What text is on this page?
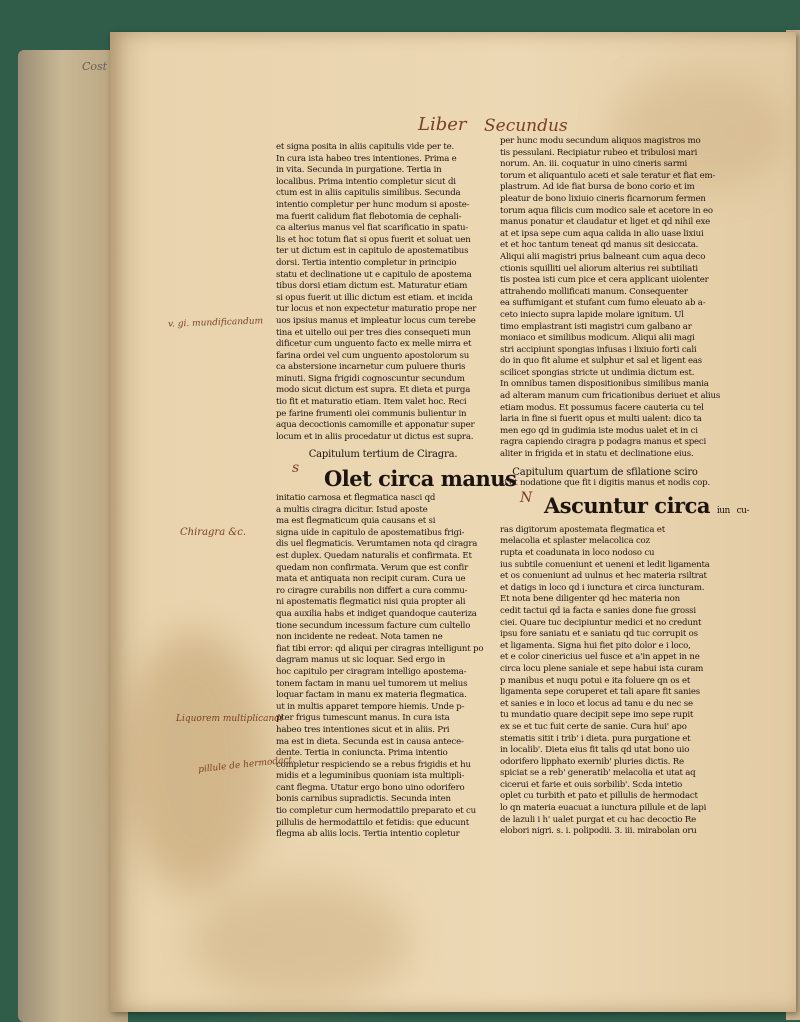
Cost
Liber Secundus
v. gi. mundificandum
Chiragra &c.
Liquorem multiplicandi
pillule de hermodact.
s
N

et signa posita in aliis capitulis vide per te.

In cura ista habeo tres intentiones. Prima e

in vita. Secunda in purgatione. Tertia in

localibus. Prima intentio completur sicut di

ctum est in aliis capitulis similibus. Secunda

intentio completur per hunc modum si aposte-

ma fuerit calidum fiat flebotomia de cephali-

ca alterius manus vel fiat scarificatio in spatu-

lis et hoc totum fiat si opus fuerit et soluat uen

ter ut dictum est in capitulo de apostematibus

dorsi. Tertia intentio completur in principio

statu et declinatione ut e capitulo de apostema

tibus dorsi etiam dictum est. Maturatur etiam

si opus fuerit ut illic dictum est etiam. et incida

tur locus et non expectetur maturatio prope ner

uos ipsius manus et impleatur locus cum terebe

tina et uitello oui per tres dies consequeti mun

dificetur cum unguento facto ex melle mirra et

farina ordei vel cum unguento apostolorum su

ca abstersione incarnetur cum puluere thuris

minuti. Signa frigidi cognoscuntur secundum

modo sicut dictum est supra. Et dieta et purga

tio fit et maturatio etiam. Item valet hoc. Reci

pe farine frumenti olei communis bulientur in

aqua decoctionis camomille et apponatur super

locum et in aliis procedatur ut dictus est supra.

Capitulum tertium de Ciragra.

Olet circa manus

initatio carnosa et flegmatica nasci qd

a multis ciragra dicitur. Istud aposte

ma est flegmaticum quia causans et si

signa uide in capitulo de apostematibus frigi-

dis uel flegmaticis. Verumtamen nota qd ciragra

est duplex. Quedam naturalis et confirmata. Et

quedam non confirmata. Verum que est confir

mata et antiquata non recipit curam. Cura ue

ro ciragre curabilis non differt a cura commu-

ni apostematis flegmatici nisi quia propter ali

qua auxilia habs et indiget quandoque cauteriza

tione secundum incessum facture cum cultello

non incidente ne redeat. Nota tamen ne

fiat tibi error: qd aliqui per ciragras intelligunt po

dagram manus ut sic loquar. Sed ergo in

hoc capitulo per ciragram intelligo apostema-

tonem factam in manu uel tumorem ut melius

loquar factam in manu ex materia flegmatica.

ut in multis apparet tempore hiemis. Unde p-

pter frigus tumescunt manus. In cura ista

habeo tres intentiones sicut et in aliis. Pri

ma est in dieta. Secunda est in causa antece-

dente. Tertia in coniuncta. Prima intentio

completur respiciendo se a rebus frigidis et hu

midis et a leguminibus quoniam ista multipli-

cant flegma. Utatur ergo bono uino odorifero

bonis carnibus supradictis. Secunda inten

tio completur cum hermodattilo preparato et cu

pillulis de hermodattilo et fetidis: que educunt

flegma ab aliis locis. Tertia intentio copletur

per hunc modu secundum aliquos magistros mo

tis pessulani. Recipiatur rubeo et tribulosi mari

norum. An. iii. coquatur in uino cineris sarmi

torum et aliquantulo aceti et sale teratur et fiat em-

plastrum. Ad ide fiat bursa de bono corio et im

pleatur de bono lixiuio cineris ficarnorum fermen

torum aqua filicis cum modico sale et acetore in eo

manus ponatur et claudatur et liget et qd nihil exe

at et ipsa sepe cum aqua calida in alio uase lixiui

et et hoc tantum teneat qd manus sit desiccata.

Aliqui alii magistri prius balneant cum aqua deco

ctionis squilliti uel aliorum alterius rei subtiliati

tis postea isti cum pice et cera applicant uiolenter

attrahendo mollificati manum. Consequenter

ea suffumigant et stufant cum fumo eleuato ab a-

ceto iniecto supra lapide molare ignitum. Ul

timo emplastrant isti magistri cum galbano ar

moniaco et similibus modicum. Aliqui alii magi

stri accipiunt spongias infusas i lixiuio forti cali

do in quo fit alume et sulphur et sal et ligent eas

scilicet spongias stricte ut undimia dictum est.

In omnibus tamen dispositionibus similibus mania

ad alteram manum cum fricationibus deriuet et alius

etiam modus. Et possumus facere cauteria cu tel

laria in fine si fuerit opus et multi ualent: dico ta

men ego qd in gudimia iste modus ualet et in ci

ragra capiendo ciragra p podagra manus et speci

aliter in frigida et in statu et declinatione eius.

Capitulum quartum de sfilatione sciro

si et nodatione que fit i digitis manus et nodis cop.

Ascuntur circa iun cu-

ras digitorum apostemata flegmatica et

melacolia et splaster melacolica coz

rupta et coadunata in loco nodoso cu

ius subtile conueniunt et ueneni et ledit ligamenta

et os conueniunt ad uulnus et hec materia rsiltrat

et datigs in loco qd i iunctura et circa iuncturam.

Et nota bene diligenter qd hec materia non

cedit tactui qd ia facta e sanies done fue grossi

ciei. Quare tuc decipiuntur medici et no credunt

ipsu fore saniatu et e saniatu qd tuc corrupit os

et ligamenta. Signa hui fiet pito dolor e i loco,

et e color cinericius uel fusce et a'in appet in ne

circa locu plene saniale et sepe habui ista curam

p manibus et nuqu potui e ita foluere qn os et

ligamenta sepe coruperet et tali apare fit sanies

et sanies e in loco et locus ad tanu e du nec se

tu mundatio quare decipit sepe imo sepe rupit

ex se et tuc fuit certe de sanie. Cura hui' apo

stematis sitit i trib' i dieta. pura purgatione et

in localib'. Dieta eius fit talis qd utat bono uio

odorifero lipphato exernib' pluries dictis. Re

spiciat se a reb' generatib' melacolia et utat aq

cicerui et farie et ouis sorbilib'. Scda intetio

oplet cu turbith et pato et pillulis de hermodact

lo qn materia euacuat a iunctura pillule et de lapi

de lazuli i h' ualet purgat et cu hac decoctio Re

elobori nigri. s. i. polipodii. 3. iii. mirabolan oru
